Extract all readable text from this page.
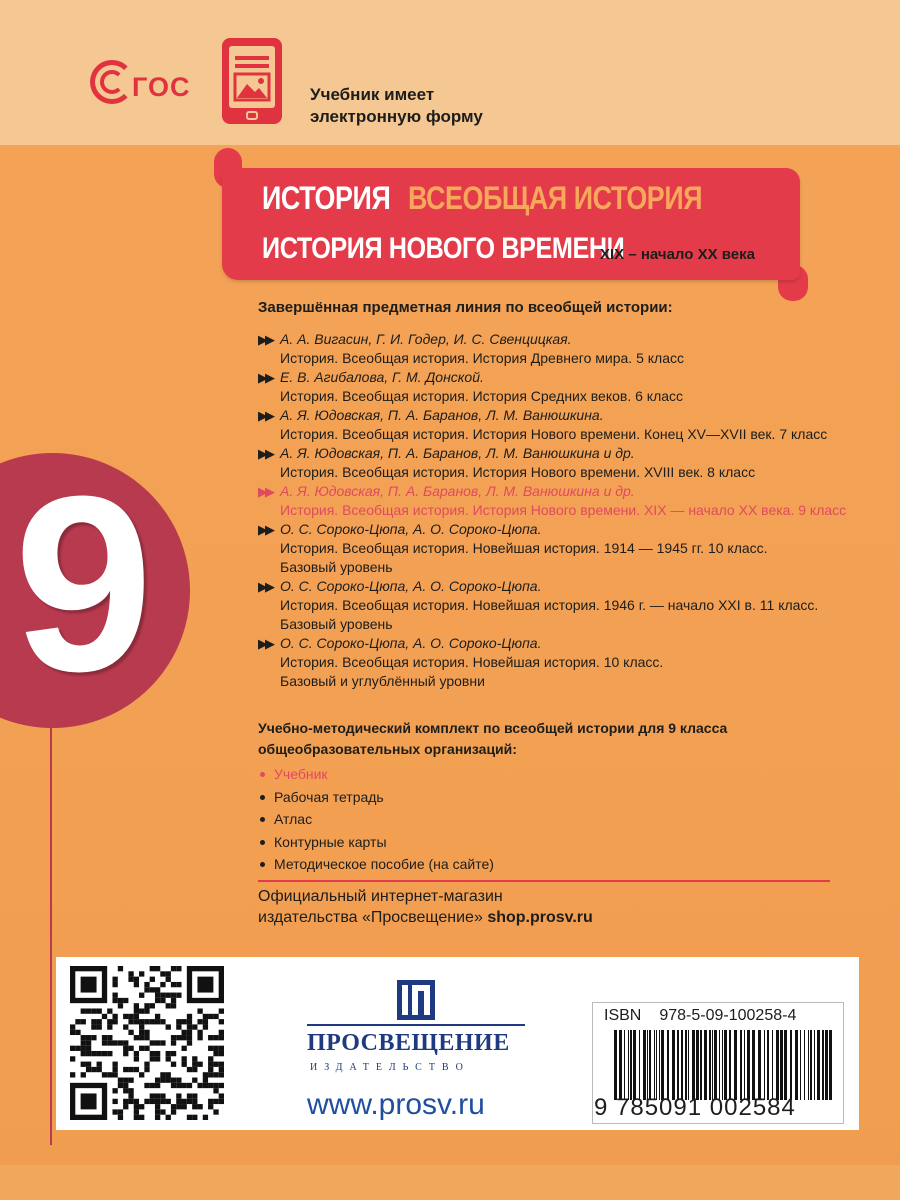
ГОС	Учебник имеет
электронную форму
ИСТОРИЯ ВСЕОБЩАЯ ИСТОРИЯ
ИСТОРИЯ НОВОГО ВРЕМЕНИ
XIX – начало XX века
9
Завершённая предметная линия по всеобщей истории:
▶▶ А. А. Вигасин, Г. И. Годер, И. С. Свенцицкая.
История. Всеобщая история. История Древнего мира. 5 класс
▶▶ Е. В. Агибалова, Г. М. Донской.
История. Всеобщая история. История Средних веков. 6 класс
▶▶ А. Я. Юдовская, П. А. Баранов, Л. М. Ванюшкина.
История. Всеобщая история. История Нового времени. Конец XV—XVII век. 7 класс
▶▶ А. Я. Юдовская, П. А. Баранов, Л. М. Ванюшкина и др.
История. Всеобщая история. История Нового времени. XVIII век. 8 класс
▶▶ А. Я. Юдовская, П. А. Баранов, Л. М. Ванюшкина и др.
История. Всеобщая история. История Нового времени. XIX — начало XX века. 9 класс
▶▶ О. С. Сороко-Цюпа, А. О. Сороко-Цюпа.
История. Всеобщая история. Новейшая история. 1914 — 1945 гг. 10 класс.
Базовый уровень
▶▶ О. С. Сороко-Цюпа, А. О. Сороко-Цюпа.
История. Всеобщая история. Новейшая история. 1946 г. — начало XXI в. 11 класс.
Базовый уровень
▶▶ О. С. Сороко-Цюпа, А. О. Сороко-Цюпа.
История. Всеобщая история. Новейшая история. 10 класс.
Базовый и углублённый уровни
Учебно-методический комплект по всеобщей истории для 9 класса
общеобразовательных организаций:
Учебник
Рабочая тетрадь
Атлас
Контурные карты
Методическое пособие (на сайте)
Официальный интернет-магазин
издательства «Просвещение» shop.prosv.ru
ПРОСВЕЩЕНИЕ
ИЗДАТЕЛЬСТВО
www.prosv.ru
ISBN 978-5-09-100258-4
9 785091 002584
